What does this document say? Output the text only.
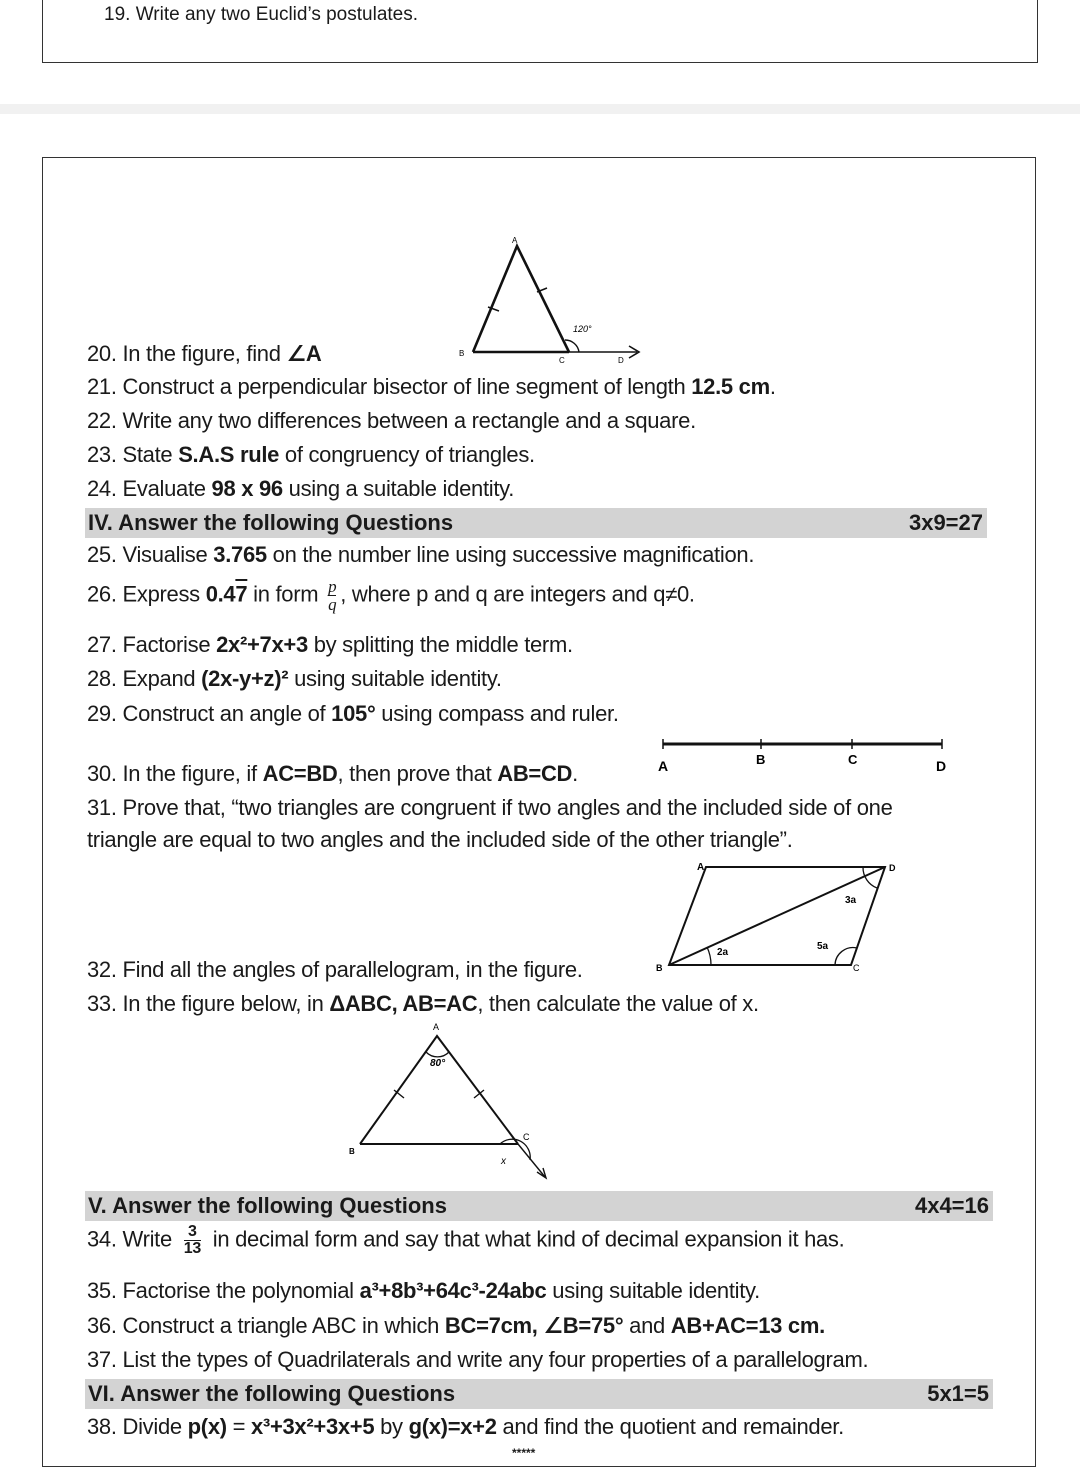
19. Write any two Euclid’s postulates.
A
B
C	D
120°
20. In the figure, find ∠A
21. Construct a perpendicular bisector of line segment of length 12.5 cm.
22. Write any two differences between a rectangle and a square.
23. State S.A.S rule of congruency of triangles.
24. Evaluate 98 x 96 using a suitable identity.
IV. Answer the following Questions	3x9=27
25. Visualise 3.765 on the number line using successive magnification.
26. Express 0.47 in form $\frac{p}{q}$ , where p and q are integers and q≠0.
27. Factorise 2x²+7x+3 by splitting the middle term.
28. Expand (2x-y+z)² using suitable identity.
29. Construct an angle of 105° using compass and ruler.
A	B	C	D
30. In the figure, if AC=BD, then prove that AB=CD.
31. Prove that, “two triangles are congruent if two angles and the included side of one
triangle are equal to two angles and the included side of the other triangle”.
A
B	C
D
2a
3a
5a
32. Find all the angles of parallelogram, in the figure.
33. In the figure below, in ΔABC, AB=AC, then calculate the value of x.
A
B
C
80°
x
V. Answer the following Questions	4x4=16
34. Write $\frac{3}{13}$ in decimal form and say that what kind of decimal expansion it has.
35. Factorise the polynomial a³+8b³+64c³-24abc using suitable identity.
36. Construct a triangle ABC in which BC=7cm, ∠B=75° and AB+AC=13 cm.
37. List the types of Quadrilaterals and write any four properties of a parallelogram.
VI. Answer the following Questions	5x1=5
38. Divide p(x) = x³+3x²+3x+5 by g(x)=x+2 and find the quotient and remainder.
*****
